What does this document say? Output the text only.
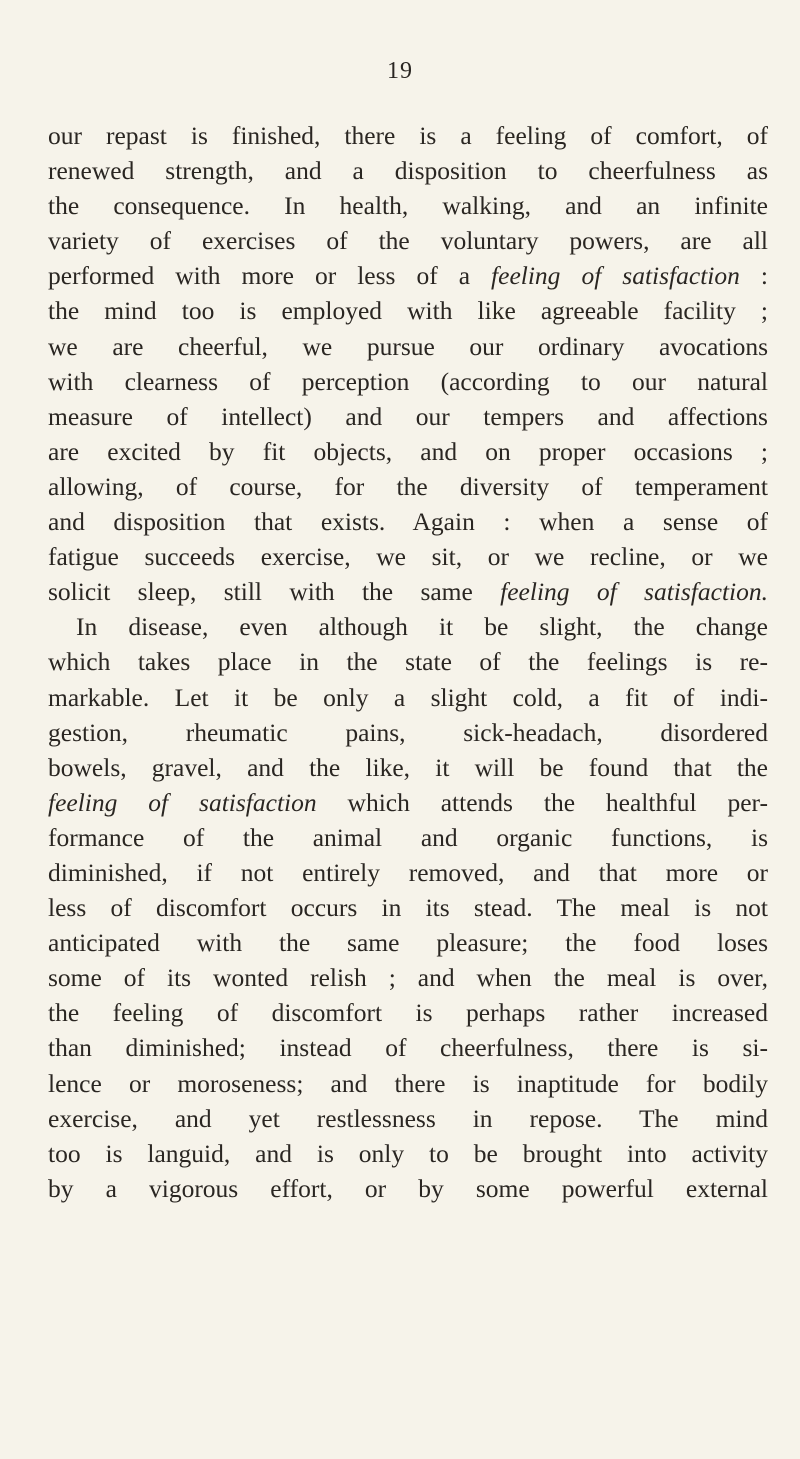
19
our repast is finished, there is a feeling of comfort, of
renewed strength, and a disposition to cheerfulness as
the consequence. In health, walking, and an infinite
variety of exercises of the voluntary powers, are all
performed with more or less of a feeling of satisfaction :
the mind too is employed with like agreeable facility ;
we are cheerful, we pursue our ordinary avocations
with clearness of perception (according to our natural
measure of intellect) and our tempers and affections
are excited by fit objects, and on proper occasions ;
allowing, of course, for the diversity of temperament
and disposition that exists. Again : when a sense of
fatigue succeeds exercise, we sit, or we recline, or we
solicit sleep, still with the same feeling of satisfaction.
In disease, even although it be slight, the change
which takes place in the state of the feelings is re-
markable. Let it be only a slight cold, a fit of indi-
gestion, rheumatic pains, sick-headach, disordered
bowels, gravel, and the like, it will be found that the
feeling of satisfaction which attends the healthful per-
formance of the animal and organic functions, is
diminished, if not entirely removed, and that more or
less of discomfort occurs in its stead. The meal is not
anticipated with the same pleasure; the food loses
some of its wonted relish ; and when the meal is over,
the feeling of discomfort is perhaps rather increased
than diminished; instead of cheerfulness, there is si-
lence or moroseness; and there is inaptitude for bodily
exercise, and yet restlessness in repose. The mind
too is languid, and is only to be brought into activity
by a vigorous effort, or by some powerful external
